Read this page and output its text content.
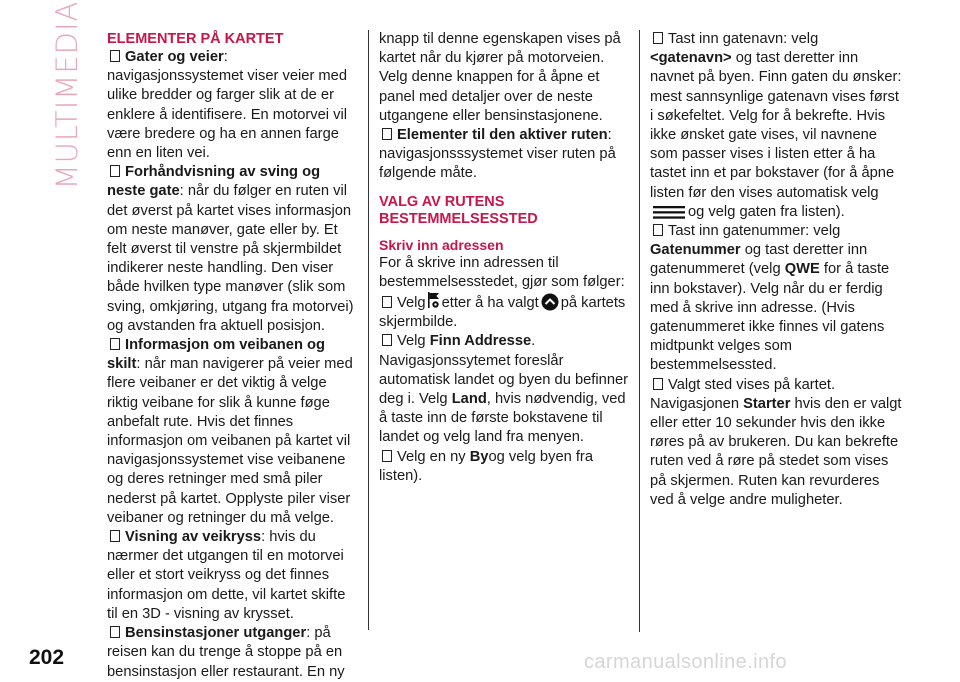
MULTIMEDIA ELEMENTER PÅ KARTET

Gater og veier: navigasjonssystemet viser veier med ulike bredder og farger slik at de er enklere å identifisere. En motorvei vil være bredere og ha en annen farge enn en liten vei.

Forhåndvisning av sving og neste gate: når du følger en ruten vil det øverst på kartet vises informasjon om neste manøver, gate eller by. Et felt øverst til venstre på skjermbildet indikerer neste handling. Den viser både hvilken type manøver (slik som sving, omkjøring, utgang fra motorvei) og avstanden fra aktuell posisjon.

Informasjon om veibanen og skilt: når man navigerer på veier med flere veibaner er det viktig å velge riktig veibane for slik å kunne føge anbefalt rute. Hvis det finnes informasjon om veibanen på kartet vil navigasjonssystemet vise veibanene og deres retninger med små piler nederst på kartet. Opplyste piler viser veibaner og retninger du må velge.

Visning av veikryss: hvis du nærmer det utgangen til en motorvei eller et stort veikryss og det finnes informasjon om dette, vil kartet skifte til en 3D - visning av krysset.

Bensinstasjoner utganger: på reisen kan du trenge å stoppe på en bensinstasjon eller restaurant. En ny

knapp til denne egenskapen vises på kartet når du kjører på motorveien. Velg denne knappen for å åpne et panel med detaljer over de neste utgangene eller bensinstasjonene.

Elementer til den aktiver ruten: navigasjonsssystemet viser ruten på følgende måte.

VALG AV RUTENS BESTEMMELSESSTED
Skriv inn adressen

For å skrive inn adressen til bestemmelsesstedet, gjør som følger:

Velg etter å ha valgt på kartets skjermbilde.

Velg Finn Addresse.

Navigasjonssytemet foreslår automatisk landet og byen du befinner deg i. Velg Land, hvis nødvendig, ved å taste inn de første bokstavene til landet og velg land fra menyen.

Velg en ny Byog velg byen fra listen).

Tast inn gatenavn: velg <gatenavn> og tast deretter inn navnet på byen. Finn gaten du ønsker: mest sannsynlige gatenavn vises først i søkefeltet. Velg for å bekrefte. Hvis ikke ønsket gate vises, vil navnene som passer vises i listen etter å ha tastet inn et par bokstaver (for å åpne listen før den vises automatisk velgog velg gaten fra listen).

Tast inn gatenummer: velg Gatenummer og tast deretter inn gatenummeret (velg QWE for å taste inn bokstaver). Velg når du er ferdig med å skrive inn adresse. (Hvis gatenummeret ikke finnes vil gatens midtpunkt velges som bestemmelsessted.

Valgt sted vises på kartet.

Navigasjonen Starter hvis den er valgt eller etter 10 sekunder hvis den ikke røres på av brukeren. Du kan bekrefte ruten ved å røre på stedet som vises på skjermen. Ruten kan revurderes ved å velge andre muligheter.

202	carmanualsonline.info
